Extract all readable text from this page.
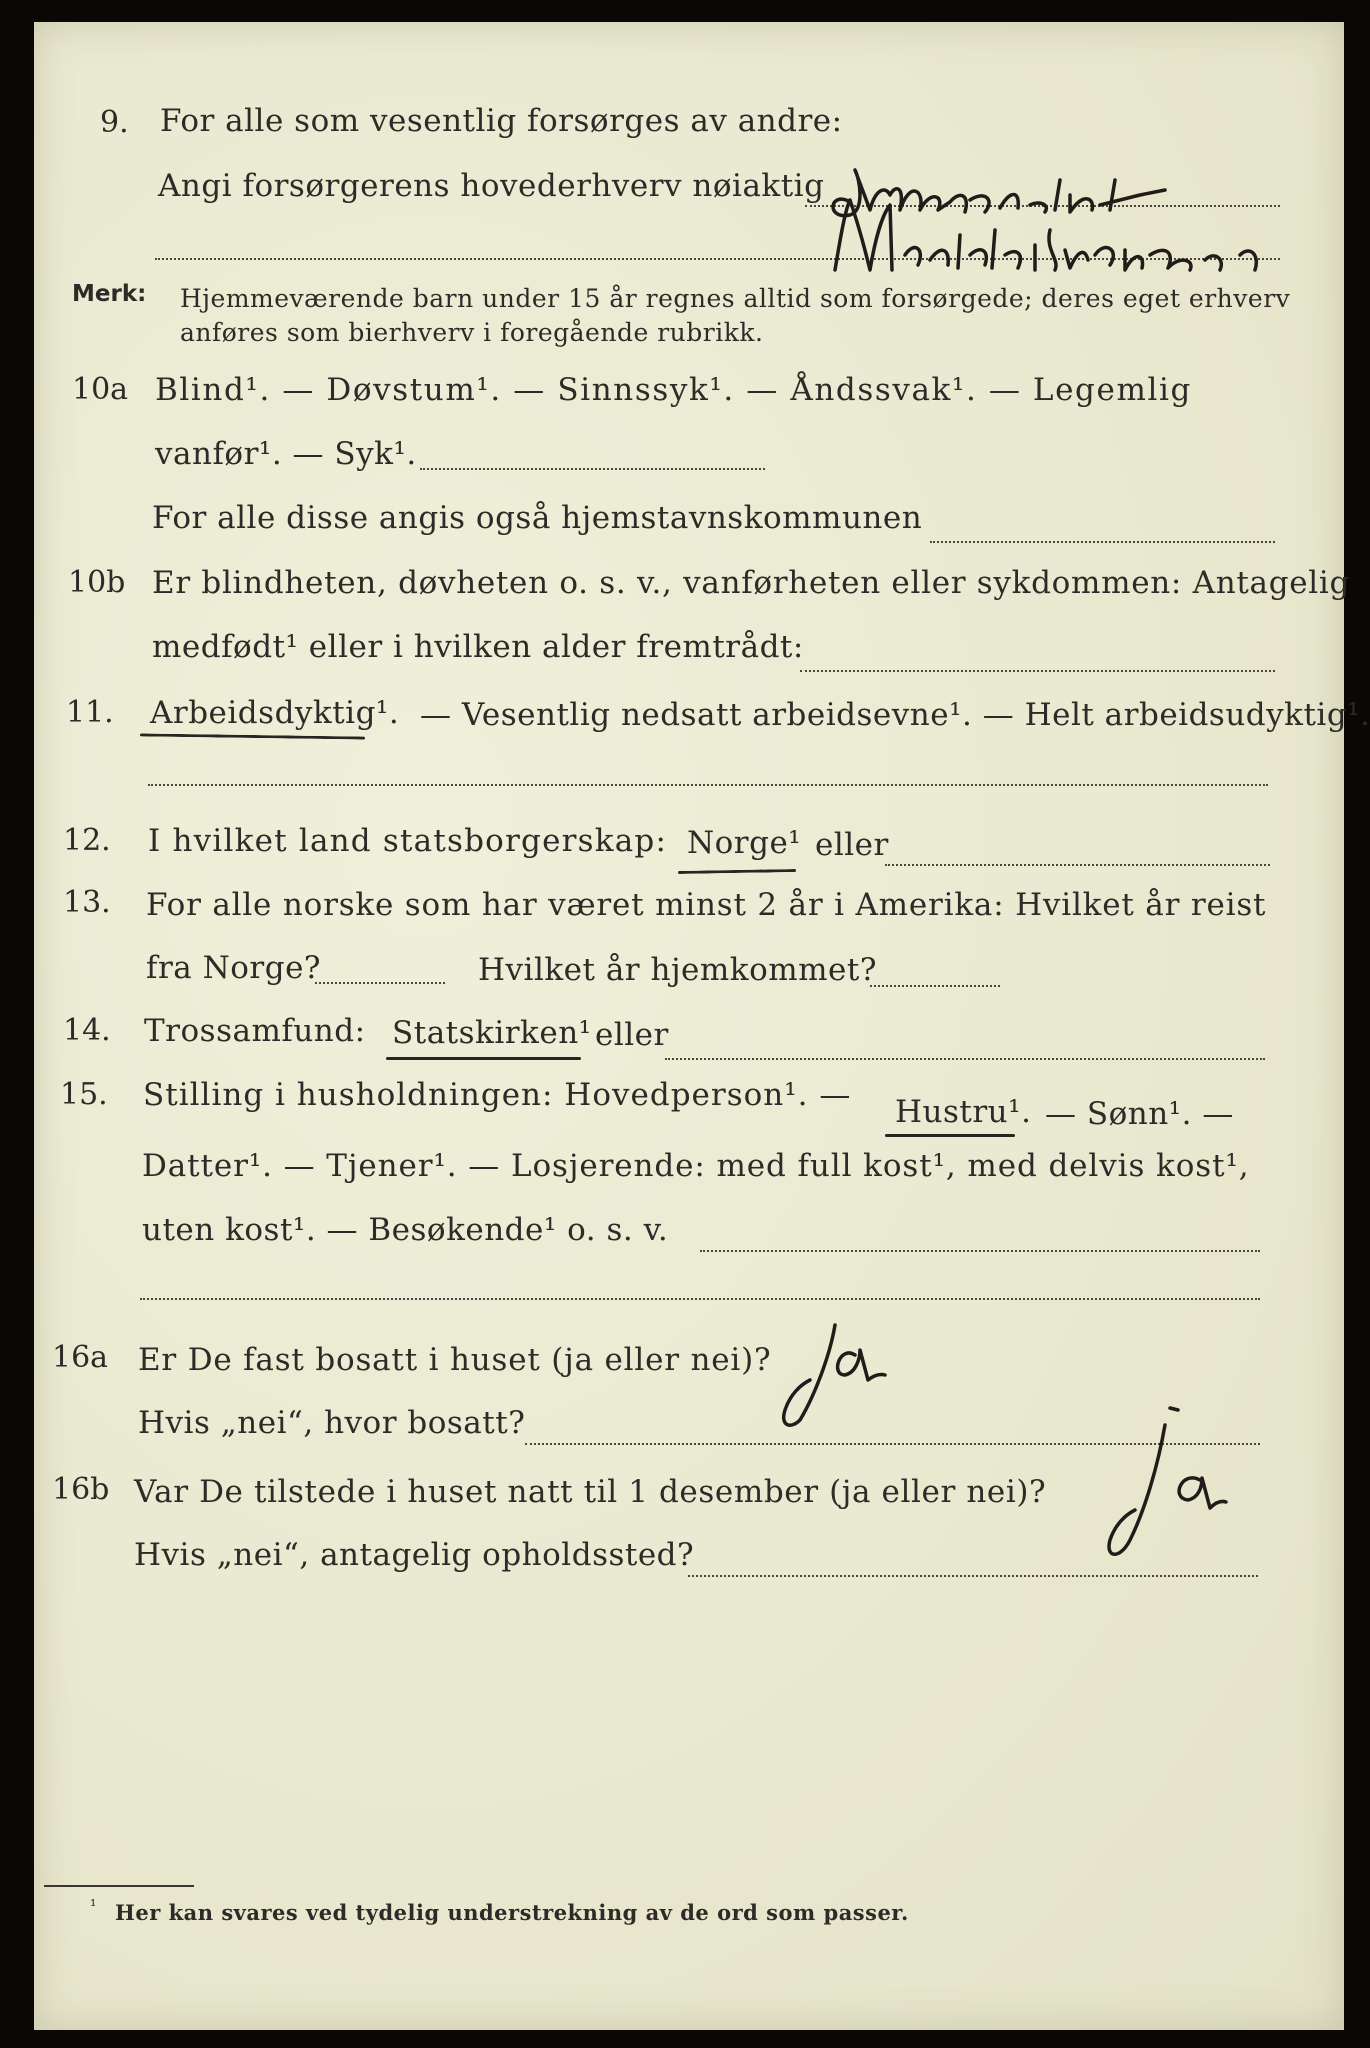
9. For alle som vesentlig forsørges av andre:
Angi forsørgerens hovederhverv nøiaktig
Merk: Hjemmeværende barn under 15 år regnes alltid som forsørgede; deres eget erhverv
anføres som bierhverv i foregående rubrikk.
10a Blind¹. — Døvstum¹. — Sinnssyk¹. — Åndssvak¹. — Legemlig
vanfør¹. — Syk¹.
For alle disse angis også hjemstavnskommunen
10b Er blindheten, døvheten o. s. v., vanførheten eller sykdommen: Antagelig
medfødt¹ eller i hvilken alder fremtrådt:
11. Arbeidsdyktig¹. — Vesentlig nedsatt arbeidsevne¹. — Helt arbeidsudyktig¹.
12. I hvilket land statsborgerskap: Norge¹ eller
13. For alle norske som har været minst 2 år i Amerika: Hvilket år reist
fra Norge?	Hvilket år hjemkommet?
14. Trossamfund: Statskirken¹ eller
15. Stilling i husholdningen: Hovedperson¹. — Hustru¹. — Sønn¹. —
Datter¹. — Tjener¹. — Losjerende: med full kost¹, med delvis kost¹,
uten kost¹. — Besøkende¹ o. s. v.
16a Er De fast bosatt i huset (ja eller nei)?
Hvis „nei“, hvor bosatt?
16b Var De tilstede i huset natt til 1 desember (ja eller nei)?
Hvis „nei“, antagelig opholdssted?
¹ Her kan svares ved tydelig understrekning av de ord som passer.
